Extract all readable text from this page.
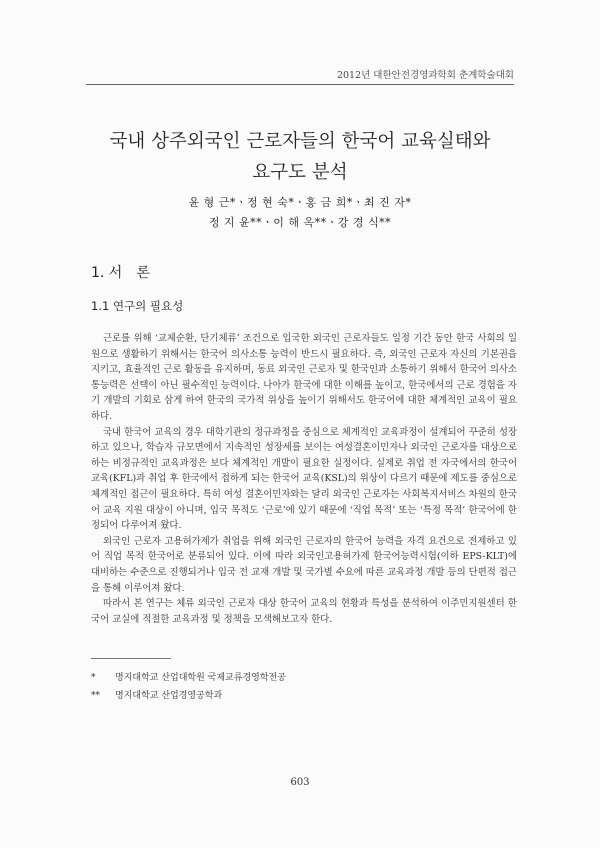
2012년 대한안전경영과학회 춘계학술대회
국내 상주외국인 근로자들의 한국어 교육실태와
요구도 분석
윤 형 근*ㆍ정 현 숙*ㆍ홍 금 희*ㆍ최 진 자*
정 지 윤**ㆍ이 해 옥**ㆍ강 경 식**
1. 서　론
1.1 연구의 필요성

근로를 위해 ‘교체순환, 단기체류’ 조건으로 입국한 외국인 근로자들도 일정 기간 동안 한국 사회의 일원으로 생활하기 위해서는 한국어 의사소통 능력이 반드시 필요하다. 즉, 외국인 근로자 자신의 기본권을 지키고, 효율적인 근로 활동을 유지하며, 동료 외국인 근로자 및 한국인과 소통하기 위해서 한국어 의사소통능력은 선택이 아닌 필수적인 능력이다. 나아가 한국에 대한 이해를 높이고, 한국에서의 근로 경험을 자기 개발의 기회로 삼게 하여 한국의 국가적 위상을 높이기 위해서도 한국어에 대한 체계적인 교육이 필요하다.

국내 한국어 교육의 경우 대학기관의 정규과정을 중심으로 체계적인 교육과정이 설계되어 꾸준히 성장하고 있으나, 학습자 규모면에서 지속적인 성장세를 보이는 여성결혼이민자나 외국인 근로자를 대상으로 하는 비정규적인 교육과정은 보다 체계적인 개발이 필요한 실정이다. 실제로 취업 전 자국에서의 한국어 교육(KFL)과 취업 후 한국에서 접하게 되는 한국어 교육(KSL)의 위상이 다르기 때문에 제도를 중심으로 체계적인 접근이 필요하다. 특히 여성 결혼이민자와는 달리 외국인 근로자는 사회복지서비스 차원의 한국어 교육 지원 대상이 아니며, 입국 목적도 ‘근로’에 있기 때문에 ‘직업 목적’ 또는 ‘특정 목적’ 한국어에 한정되어 다루어져 왔다.

외국인 근로자 고용허가제가 취업을 위해 외국인 근로자의 한국어 능력을 자격 요건으로 전제하고 있어 직업 목적 한국어로 분류되어 있다. 이에 따라 외국인고용허가제 한국어능력시험(이하 EPS-KLT)에 대비하는 수준으로 진행되거나 입국 전 교재 개발 및 국가별 수요에 따른 교육과정 개발 등의 단편적 접근을 통해 이루어져 왔다.

따라서 본 연구는 체류 외국인 근로자 대상 한국어 교육의 현황과 특성을 분석하여 이주민지원센터 한국어 교실에 적절한 교육과정 및 정책을 모색해보고자 한다.

* 명지대학교 산업대학원 국제교류경영학전공
** 명지대학교 산업경영공학과
603
